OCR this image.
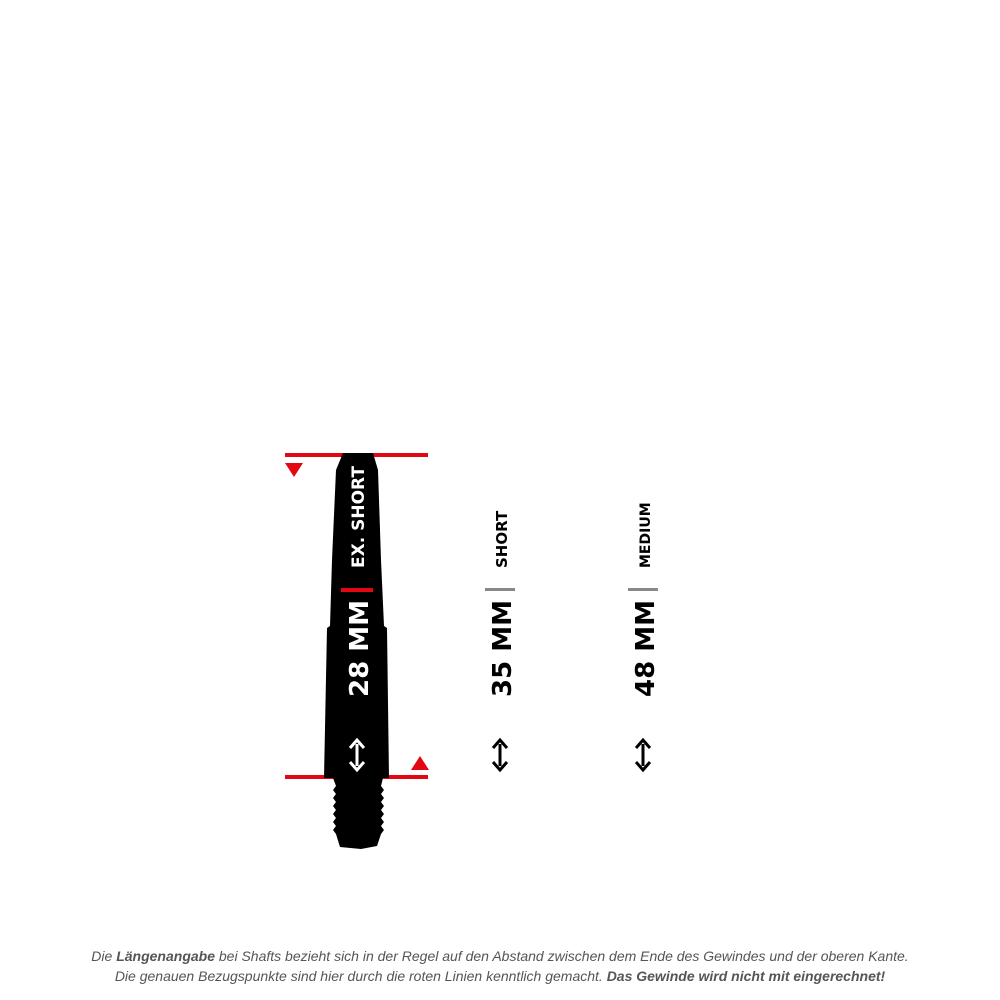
EX. SHORT
28 MM
SHORT
35 MM
MEDIUM
48 MM
Die Längenangabe bei Shafts bezieht sich in der Regel auf den Abstand zwischen dem Ende des Gewindes und der oberen Kante.
Die genauen Bezugspunkte sind hier durch die roten Linien kenntlich gemacht. Das Gewinde wird nicht mit eingerechnet!
